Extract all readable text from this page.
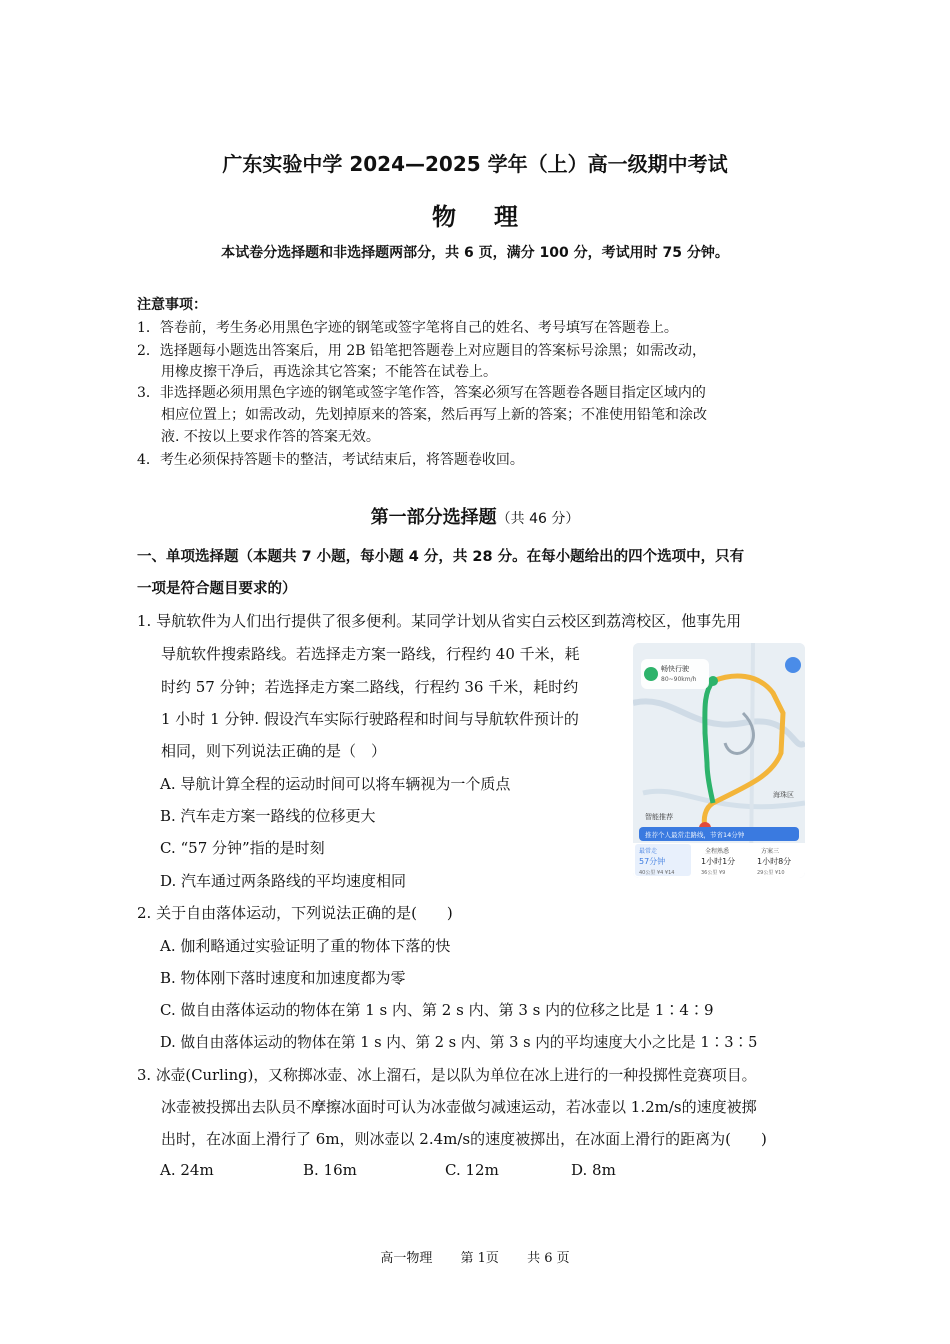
广东实验中学 2024—2025 学年（上）高一级期中考试
物理
本试卷分选择题和非选择题两部分，共 6 页，满分 100 分，考试用时 75 分钟。
注意事项：
1．答卷前，考生务必用黑色字迹的钢笔或签字笔将自己的姓名、考号填写在答题卷上。
2．选择题每小题选出答案后，用 2B 铅笔把答题卷上对应题目的答案标号涂黑；如需改动，
用橡皮擦干净后，再选涂其它答案；不能答在试卷上。
3．非选择题必须用黑色字迹的钢笔或签字笔作答，答案必须写在答题卷各题目指定区域内的
相应位置上；如需改动，先划掉原来的答案，然后再写上新的答案；不准使用铅笔和涂改
液. 不按以上要求作答的答案无效。
4．考生必须保持答题卡的整洁，考试结束后，将答题卷收回。
第一部分选择题（共 46 分）
一、单项选择题（本题共 7 小题，每小题 4 分，共 28 分。在每小题给出的四个选项中，只有
一项是符合题目要求的）
1. 导航软件为人们出行提供了很多便利。某同学计划从省实白云校区到荔湾校区，他事先用
导航软件搜索路线。若选择走方案一路线，行程约 40 千米，耗
时约 57 分钟；若选择走方案二路线，行程约 36 千米，耗时约
1 小时 1 分钟. 假设汽车实际行驶路程和时间与导航软件预计的
相同，则下列说法正确的是（　）
A. 导航计算全程的运动时间可以将车辆视为一个质点
B. 汽车走方案一路线的位移更大
C. “57 分钟”指的是时刻
D. 汽车通过两条路线的平均速度相同
畅快行驶
80~90km/h
海珠区
智能推荐
推荐个人最常走路线，节省14分钟
最常走
57分钟
40公里 ¥4 ¥14
全程熟悉
1小时1分
36公里 ¥9
方案三
1小时8分
29公里 ¥10
2. 关于自由落体运动，下列说法正确的是(　　)
A. 伽利略通过实验证明了重的物体下落的快
B. 物体刚下落时速度和加速度都为零
C. 做自由落体运动的物体在第 1 s 内、第 2 s 内、第 3 s 内的位移之比是 1∶4∶9
D. 做自由落体运动的物体在第 1 s 内、第 2 s 内、第 3 s 内的平均速度大小之比是 1∶3∶5
3. 冰壶(Curling)，又称掷冰壶、冰上溜石，是以队为单位在冰上进行的一种投掷性竞赛项目。
冰壶被投掷出去队员不摩擦冰面时可认为冰壶做匀减速运动，若冰壶以 1.2m/s的速度被掷
出时，在冰面上滑行了 6m，则冰壶以 2.4m/s的速度被掷出，在冰面上滑行的距离为(　　)
A. 24m	B. 16m	C. 12m	D. 8m
高一物理 第 1页 共 6 页
